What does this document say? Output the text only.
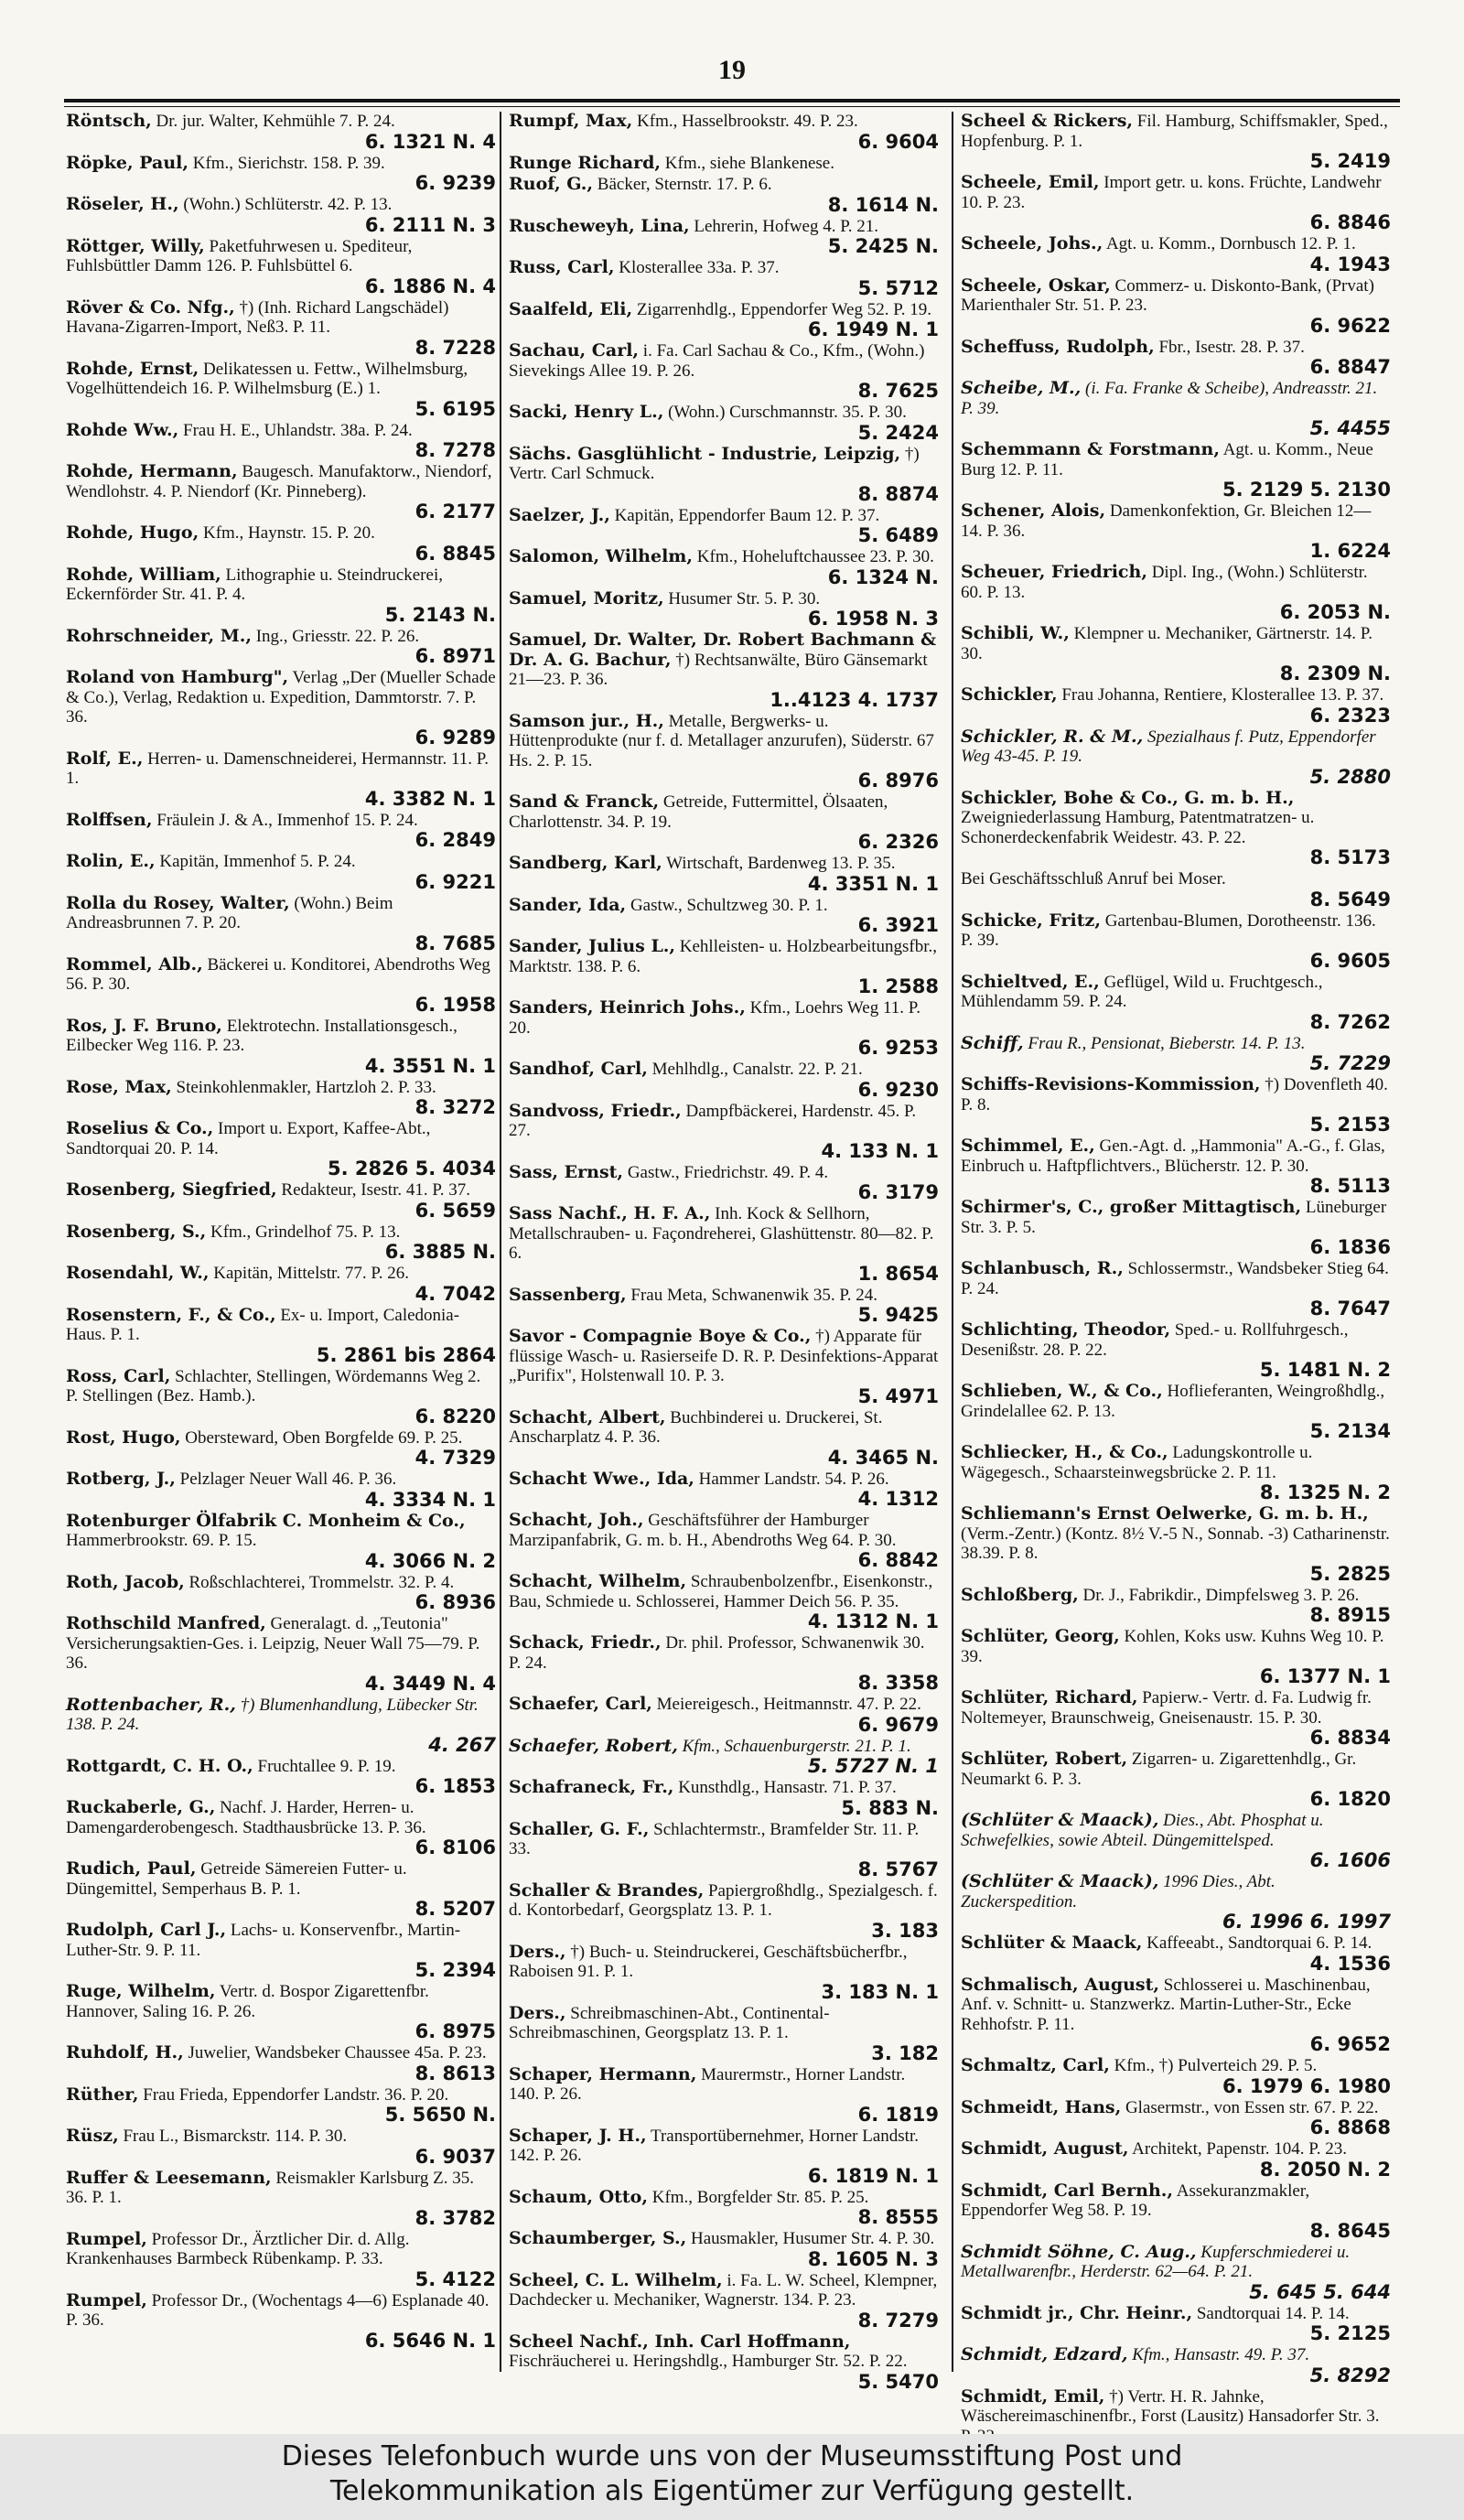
19
Röntsch, Dr. jur. Walter, Kehmühle 7. P. 24.
6. 1321 N. 4
Röpke, Paul, Kfm., Sierichstr. 158. P. 39.
6. 9239
Röseler, H., (Wohn.) Schlüterstr. 42. P. 13.
6. 2111 N. 3
Röttger, Willy, Paketfuhrwesen u. Spediteur, Fuhlsbüttler Damm 126. P. Fuhlsbüttel 6.
6. 1886 N. 4
Röver & Co. Nfg., †) (Inh. Richard Langschädel) Havana-Zigarren-Import, Neß3. P. 11.
8. 7228
Rohde, Ernst, Delikatessen u. Fettw., Wilhelmsburg, Vogelhüttendeich 16. P. Wilhelmsburg (E.) 1.
5. 6195
Rohde Ww., Frau H. E., Uhlandstr. 38a. P. 24.
8. 7278
Rohde, Hermann, Baugesch. Manufaktorw., Niendorf, Wendlohstr. 4. P. Niendorf (Kr. Pinneberg).
6. 2177
Rohde, Hugo, Kfm., Haynstr. 15. P. 20.
6. 8845
Rohde, William, Lithographie u. Steindruckerei, Eckernförder Str. 41. P. 4.
5. 2143 N.
Rohrschneider, M., Ing., Griesstr. 22. P. 26.
6. 8971
Roland von Hamburg", Verlag „Der (Mueller Schade & Co.), Verlag, Redaktion u. Expedition, Dammtorstr. 7. P. 36.
6. 9289
Rolf, E., Herren- u. Damenschneiderei, Hermannstr. 11. P. 1.
4. 3382 N. 1
Rolffsen, Fräulein J. & A., Immenhof 15. P. 24.
6. 2849
Rolin, E., Kapitän, Immenhof 5. P. 24.
6. 9221
Rolla du Rosey, Walter, (Wohn.) Beim Andreasbrunnen 7. P. 20.
8. 7685
Rommel, Alb., Bäckerei u. Konditorei, Abendroths Weg 56. P. 30.
6. 1958
Ros, J. F. Bruno, Elektrotechn. Installationsgesch., Eilbecker Weg 116. P. 23.
4. 3551 N. 1
Rose, Max, Steinkohlenmakler, Hartzloh 2. P. 33.
8. 3272
Roselius & Co., Import u. Export, Kaffee-Abt., Sandtorquai 20. P. 14.
5. 2826 5. 4034
Rosenberg, Siegfried, Redakteur, Isestr. 41. P. 37.
6. 5659
Rosenberg, S., Kfm., Grindelhof 75. P. 13.
6. 3885 N.
Rosendahl, W., Kapitän, Mittelstr. 77. P. 26.
4. 7042
Rosenstern, F., & Co., Ex- u. Import, Caledonia-Haus. P. 1.
5. 2861 bis 2864
Ross, Carl, Schlachter, Stellingen, Wördemanns Weg 2. P. Stellingen (Bez. Hamb.).
6. 8220
Rost, Hugo, Obersteward, Oben Borgfelde 69. P. 25.
4. 7329
Rotberg, J., Pelzlager Neuer Wall 46. P. 36.
4. 3334 N. 1
Rotenburger Ölfabrik C. Monheim & Co., Hammerbrookstr. 69. P. 15.
4. 3066 N. 2
Roth, Jacob, Roßschlachterei, Trommelstr. 32. P. 4.
6. 8936
Rothschild Manfred, Generalagt. d. „Teutonia" Versicherungsaktien-Ges. i. Leipzig, Neuer Wall 75—79. P. 36.
4. 3449 N. 4
Rottenbacher, R., †) Blumenhandlung, Lübecker Str. 138. P. 24.
4. 267
Rottgardt, C. H. O., Fruchtallee 9. P. 19.
6. 1853
Ruckaberle, G., Nachf. J. Harder, Herren- u. Damengarderobengesch. Stadthausbrücke 13. P. 36.
6. 8106
Rudich, Paul, Getreide Sämereien Futter- u. Düngemittel, Semperhaus B. P. 1.
8. 5207
Rudolph, Carl J., Lachs- u. Konservenfbr., Martin-Luther-Str. 9. P. 11.
5. 2394
Ruge, Wilhelm, Vertr. d. Bospor Zigarettenfbr. Hannover, Saling 16. P. 26.
6. 8975
Ruhdolf, H., Juwelier, Wandsbeker Chaussee 45a. P. 23.
8. 8613
Rüther, Frau Frieda, Eppendorfer Landstr. 36. P. 20.
5. 5650 N.
Rüsz, Frau L., Bismarckstr. 114. P. 30.
6. 9037
Ruffer & Leesemann, Reismakler Karlsburg Z. 35. 36. P. 1.
8. 3782
Rumpel, Professor Dr., Ärztlicher Dir. d. Allg. Krankenhauses Barmbeck Rübenkamp. P. 33.
5. 4122
Rumpel, Professor Dr., (Wochentags 4—6) Esplanade 40. P. 36.
6. 5646 N. 1
Rumpf, Max, Kfm., Hasselbrookstr. 49. P. 23.
6. 9604
Runge Richard, Kfm., siehe Blankenese.
Ruof, G., Bäcker, Sternstr. 17. P. 6.
8. 1614 N.
Ruscheweyh, Lina, Lehrerin, Hofweg 4. P. 21.
5. 2425 N.
Russ, Carl, Klosterallee 33a. P. 37.
5. 5712
Saalfeld, Eli, Zigarrenhdlg., Eppendorfer Weg 52. P. 19.
6. 1949 N. 1
Sachau, Carl, i. Fa. Carl Sachau & Co., Kfm., (Wohn.) Sievekings Allee 19. P. 26.
8. 7625
Sacki, Henry L., (Wohn.) Curschmannstr. 35. P. 30.
5. 2424
Sächs. Gasglühlicht - Industrie, Leipzig, †) Vertr. Carl Schmuck.
8. 8874
Saelzer, J., Kapitän, Eppendorfer Baum 12. P. 37.
5. 6489
Salomon, Wilhelm, Kfm., Hoheluftchaussee 23. P. 30.
6. 1324 N.
Samuel, Moritz, Husumer Str. 5. P. 30.
6. 1958 N. 3
Samuel, Dr. Walter, Dr. Robert Bachmann & Dr. A. G. Bachur, †) Rechtsanwälte, Büro Gänsemarkt 21—23. P. 36.
1..4123 4. 1737
Samson jur., H., Metalle, Bergwerks- u. Hüttenprodukte (nur f. d. Metallager anzurufen), Süderstr. 67 Hs. 2. P. 15.
6. 8976
Sand & Franck, Getreide, Futtermittel, Ölsaaten, Charlottenstr. 34. P. 19.
6. 2326
Sandberg, Karl, Wirtschaft, Bardenweg 13. P. 35.
4. 3351 N. 1
Sander, Ida, Gastw., Schultzweg 30. P. 1.
6. 3921
Sander, Julius L., Kehlleisten- u. Holzbearbeitungsfbr., Marktstr. 138. P. 6.
1. 2588
Sanders, Heinrich Johs., Kfm., Loehrs Weg 11. P. 20.
6. 9253
Sandhof, Carl, Mehlhdlg., Canalstr. 22. P. 21.
6. 9230
Sandvoss, Friedr., Dampfbäckerei, Hardenstr. 45. P. 27.
4. 133 N. 1
Sass, Ernst, Gastw., Friedrichstr. 49. P. 4.
6. 3179
Sass Nachf., H. F. A., Inh. Kock & Sellhorn, Metallschrauben- u. Façondreherei, Glashüttenstr. 80—82. P. 6.
1. 8654
Sassenberg, Frau Meta, Schwanenwik 35. P. 24.
5. 9425
Savor - Compagnie Boye & Co., †) Apparate für flüssige Wasch- u. Rasierseife D. R. P. Desinfektions-Apparat „Purifix", Holstenwall 10. P. 3.
5. 4971
Schacht, Albert, Buchbinderei u. Druckerei, St. Anscharplatz 4. P. 36.
4. 3465 N.
Schacht Wwe., Ida, Hammer Landstr. 54. P. 26.
4. 1312
Schacht, Joh., Geschäftsführer der Hamburger Marzipanfabrik, G. m. b. H., Abendroths Weg 64. P. 30.
6. 8842
Schacht, Wilhelm, Schraubenbolzenfbr., Eisenkonstr., Bau, Schmiede u. Schlosserei, Hammer Deich 56. P. 35.
4. 1312 N. 1
Schack, Friedr., Dr. phil. Professor, Schwanenwik 30. P. 24.
8. 3358
Schaefer, Carl, Meiereigesch., Heitmannstr. 47. P. 22.
6. 9679
Schaefer, Robert, Kfm., Schauenburgerstr. 21. P. 1.
5. 5727 N. 1
Schafraneck, Fr., Kunsthdlg., Hansastr. 71. P. 37.
5. 883 N.
Schaller, G. F., Schlachtermstr., Bramfelder Str. 11. P. 33.
8. 5767
Schaller & Brandes, Papiergroßhdlg., Spezialgesch. f. d. Kontorbedarf, Georgsplatz 13. P. 1.
3. 183
Ders., †) Buch- u. Steindruckerei, Geschäftsbücherfbr., Raboisen 91. P. 1.
3. 183 N. 1
Ders., Schreibmaschinen-Abt., Continental-Schreibmaschinen, Georgsplatz 13. P. 1.
3. 182
Schaper, Hermann, Maurermstr., Horner Landstr. 140. P. 26.
6. 1819
Schaper, J. H., Transportübernehmer, Horner Landstr. 142. P. 26.
6. 1819 N. 1
Schaum, Otto, Kfm., Borgfelder Str. 85. P. 25.
8. 8555
Schaumberger, S., Hausmakler, Husumer Str. 4. P. 30.
8. 1605 N. 3
Scheel, C. L. Wilhelm, i. Fa. L. W. Scheel, Klempner, Dachdecker u. Mechaniker, Wagnerstr. 134. P. 23.
8. 7279
Scheel Nachf., Inh. Carl Hoffmann, Fischräucherei u. Heringshdlg., Hamburger Str. 52. P. 22.
5. 5470
Scheel & Rickers, Fil. Hamburg, Schiffsmakler, Sped., Hopfenburg. P. 1.
5. 2419
Scheele, Emil, Import getr. u. kons. Früchte, Landwehr 10. P. 23.
6. 8846
Scheele, Johs., Agt. u. Komm., Dornbusch 12. P. 1.
4. 1943
Scheele, Oskar, Commerz- u. Diskonto-Bank, (Prvat) Marienthaler Str. 51. P. 23.
6. 9622
Scheffuss, Rudolph, Fbr., Isestr. 28. P. 37.
6. 8847
Scheibe, M., (i. Fa. Franke & Scheibe), Andreasstr. 21. P. 39.
5. 4455
Schemmann & Forstmann, Agt. u. Komm., Neue Burg 12. P. 11.
5. 2129 5. 2130
Schener, Alois, Damenkonfektion, Gr. Bleichen 12—14. P. 36.
1. 6224
Scheuer, Friedrich, Dipl. Ing., (Wohn.) Schlüterstr. 60. P. 13.
6. 2053 N.
Schibli, W., Klempner u. Mechaniker, Gärtnerstr. 14. P. 30.
8. 2309 N.
Schickler, Frau Johanna, Rentiere, Klosterallee 13. P. 37.
6. 2323
Schickler, R. & M., Spezialhaus f. Putz, Eppendorfer Weg 43-45. P. 19.
5. 2880
Schickler, Bohe & Co., G. m. b. H., Zweigniederlassung Hamburg, Patentmatratzen- u. Schonerdeckenfabrik Weidestr. 43. P. 22.
8. 5173
Bei Geschäftsschluß Anruf bei Moser.
8. 5649
Schicke, Fritz, Gartenbau-Blumen, Dorotheenstr. 136. P. 39.
6. 9605
Schieltved, E., Geflügel, Wild u. Fruchtgesch., Mühlendamm 59. P. 24.
8. 7262
Schiff, Frau R., Pensionat, Bieberstr. 14. P. 13.
5. 7229
Schiffs-Revisions-Kommission, †) Dovenfleth 40. P. 8.
5. 2153
Schimmel, E., Gen.-Agt. d. „Hammonia" A.-G., f. Glas, Einbruch u. Haftpflichtvers., Blücherstr. 12. P. 30.
8. 5113
Schirmer's, C., großer Mittagtisch, Lüneburger Str. 3. P. 5.
6. 1836
Schlanbusch, R., Schlossermstr., Wandsbeker Stieg 64. P. 24.
8. 7647
Schlichting, Theodor, Sped.- u. Rollfuhrgesch., Desenißstr. 28. P. 22.
5. 1481 N. 2
Schlieben, W., & Co., Hoflieferanten, Weingroßhdlg., Grindelallee 62. P. 13.
5. 2134
Schliecker, H., & Co., Ladungskontrolle u. Wägegesch., Schaarsteinwegsbrücke 2. P. 11.
8. 1325 N. 2
Schliemann's Ernst Oelwerke, G. m. b. H., (Verm.-Zentr.) (Kontz. 8½ V.-5 N., Sonnab. -3) Catharinenstr. 38.39. P. 8.
5. 2825
Schloßberg, Dr. J., Fabrikdir., Dimpfelsweg 3. P. 26.
8. 8915
Schlüter, Georg, Kohlen, Koks usw. Kuhns Weg 10. P. 39.
6. 1377 N. 1
Schlüter, Richard, Papierw.- Vertr. d. Fa. Ludwig fr. Noltemeyer, Braunschweig, Gneisenaustr. 15. P. 30.
6. 8834
Schlüter, Robert, Zigarren- u. Zigarettenhdlg., Gr. Neumarkt 6. P. 3.
6. 1820
(Schlüter & Maack), Dies., Abt. Phosphat u. Schwefelkies, sowie Abteil. Düngemittelsped.
6. 1606
(Schlüter & Maack), 1996 Dies., Abt. Zuckerspedition.
6. 1996 6. 1997
Schlüter & Maack, Kaffeeabt., Sandtorquai 6. P. 14.
4. 1536
Schmalisch, August, Schlosserei u. Maschinenbau, Anf. v. Schnitt- u. Stanzwerkz. Martin-Luther-Str., Ecke Rehhofstr. P. 11.
6. 9652
Schmaltz, Carl, Kfm., †) Pulverteich 29. P. 5.
6. 1979 6. 1980
Schmeidt, Hans, Glasermstr., von Essen str. 67. P. 22.
6. 8868
Schmidt, August, Architekt, Papenstr. 104. P. 23.
8. 2050 N. 2
Schmidt, Carl Bernh., Assekuranzmakler, Eppendorfer Weg 58. P. 19.
8. 8645
Schmidt Söhne, C. Aug., Kupferschmiederei u. Metallwarenfbr., Herderstr. 62—64. P. 21.
5. 645 5. 644
Schmidt jr., Chr. Heinr., Sandtorquai 14. P. 14.
5. 2125
Schmidt, Edzard, Kfm., Hansastr. 49. P. 37.
5. 8292
Schmidt, Emil, †) Vertr. H. R. Jahnke, Wäschereimaschinenfbr., Forst (Lausitz) Hansadorfer Str. 3.
Dieses Telefonbuch wurde uns von der Museumsstiftung Post und
Telekommunikation als Eigentümer zur Verfügung gestellt.
